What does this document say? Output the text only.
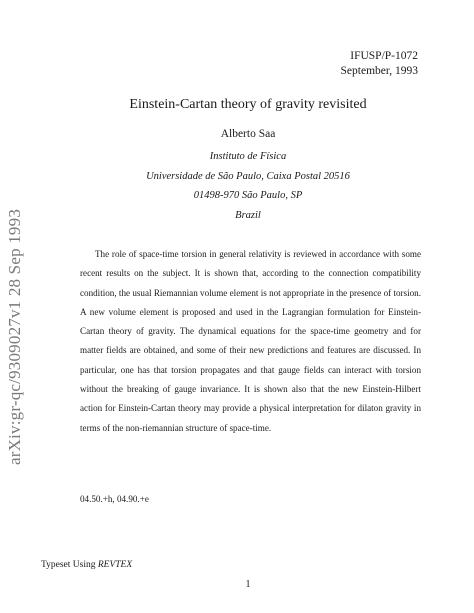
IFUSP/P-1072
September, 1993
arXiv:gr-qc/9309027v1 28 Sep 1993
Einstein-Cartan theory of gravity revisited
Alberto Saa
Instituto de Física
Universidade de São Paulo, Caixa Postal 20516
01498-970 São Paulo, SP
Brazil

The role of space-time torsion in general relativity is reviewed in accordance with some recent results on the subject. It is shown that, according to the connection compatibility condition, the usual Riemannian volume element is not appropriate in the presence of torsion. A new volume element is proposed and used in the Lagrangian formulation for Einstein-Cartan theory of gravity. The dynamical equations for the space-time geometry and for matter fields are obtained, and some of their new predictions and features are discussed. In particular, one has that torsion propagates and that gauge fields can interact with torsion without the breaking of gauge invariance. It is shown also that the new Einstein-Hilbert action for Einstein-Cartan theory may provide a physical interpretation for dilaton gravity in terms of the non-riemannian structure of space-time.

04.50.+h, 04.90.+e
Typeset Using REVTEX
1
